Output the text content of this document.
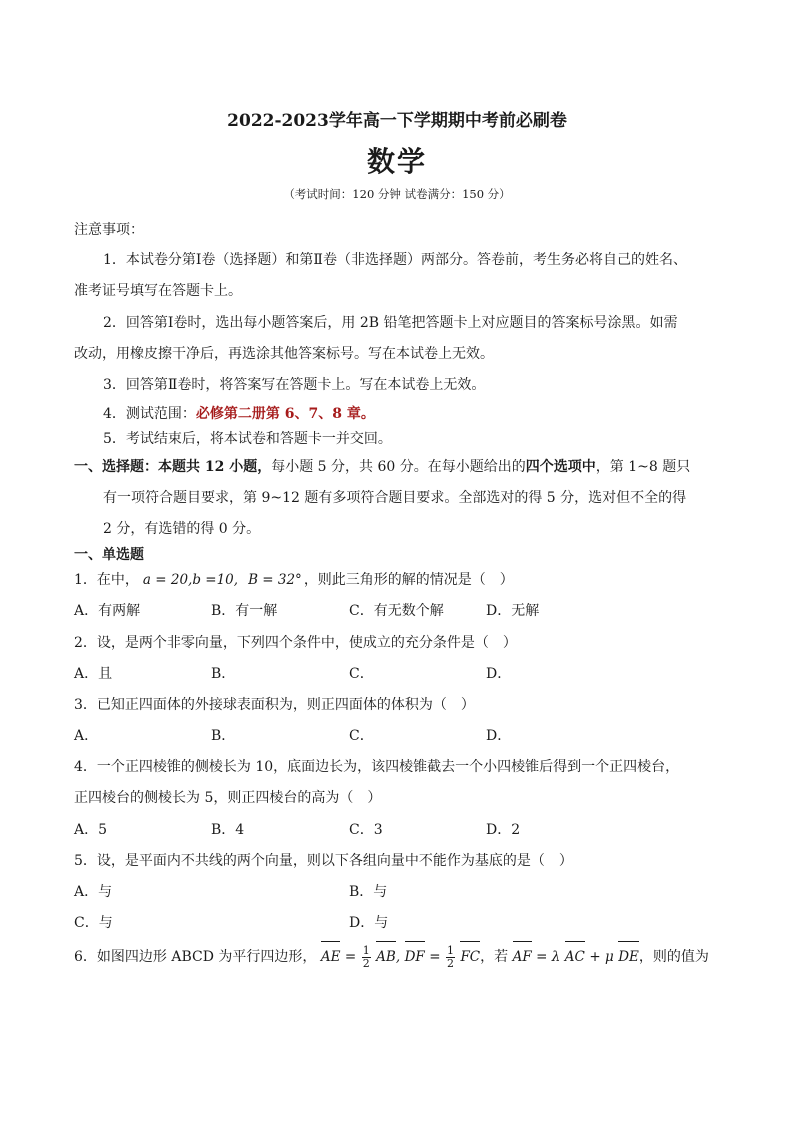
2022-2023学年高一下学期期中考前必刷卷
数学
（考试时间：120 分钟 试卷满分：150 分）
注意事项：
1．本试卷分第Ⅰ卷（选择题）和第Ⅱ卷（非选择题）两部分。答卷前，考生务必将自己的姓名、
准考证号填写在答题卡上。
2．回答第Ⅰ卷时，选出每小题答案后，用 2B 铅笔把答题卡上对应题目的答案标号涂黑。如需
改动，用橡皮擦干净后，再选涂其他答案标号。写在本试卷上无效。
3．回答第Ⅱ卷时，将答案写在答题卡上。写在本试卷上无效。
4．测试范围：必修第二册第 6、7、8 章。
5．考试结束后，将本试卷和答题卡一并交回。
一、选择题：本题共 12 小题，每小题 5 分，共 60 分。在每小题给出的四个选项中，第 1~8 题只
有一项符合题目要求，第 9~12 题有多项符合题目要求。全部选对的得 5 分，选对但不全的得
2 分，有选错的得 0 分。
一、单选题
1．在中， a = 20,b =10, B = 32° ，则此三角形的解的情况是（　）
A．有两解	B．有一解	C．有无数个解	D．无解
2．设，是两个非零向量，下列四个条件中，使成立的充分条件是（　）
A．且	B．	C．	D．
3．已知正四面体的外接球表面积为，则正四面体的体积为（　）
A．	B．	C．	D．
4．一个正四棱锥的侧棱长为 10，底面边长为，该四棱锥截去一个小四棱锥后得到一个正四棱台，
正四棱台的侧棱长为 5，则正四棱台的高为（　）
A．5	B．4	C．3	D．2
5．设，是平面内不共线的两个向量，则以下各组向量中不能作为基底的是（　）
A．与	B．与
C．与	D．与
6．如图四边形 ABCD 为平行四边形， AE = $\frac{1}{2}$ AB, DF = $\frac{1}{2}$ FC，若 AF = λ AC + μ DE，则的值为
